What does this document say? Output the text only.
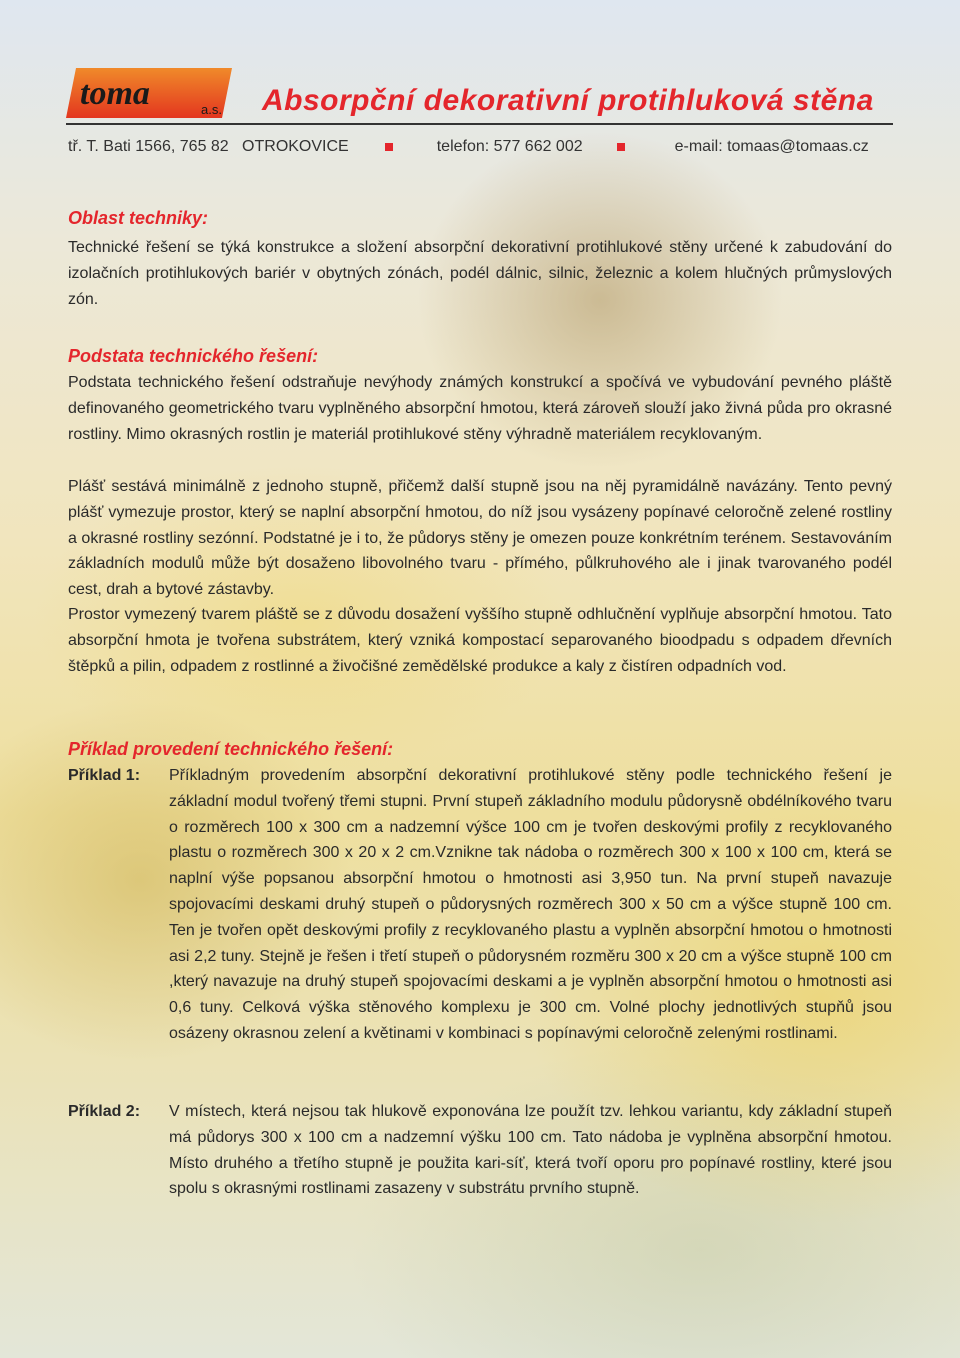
toma	a.s. Absorpční dekorativní protihluková stěna
tř. T. Bati 1566, 765 82   OTROKOVICE	telefon: 577 662 002	e-mail: tomaas@tomaas.cz
Oblast techniky:
Technické řešení se týká konstrukce a složení absorpční dekorativní protihlukové stěny určené k zabudování do izolačních protihlukových bariér v obytných zónách, podél dálnic, silnic, železnic a kolem hlučných průmyslových zón.
Podstata technického řešení:
Podstata technického řešení odstraňuje nevýhody známých konstrukcí a spočívá ve vybudování pevného pláště definovaného geometrického tvaru vyplněného absorpční hmotou, která zároveň slouží jako živná půda pro okrasné rostliny. Mimo okrasných rostlin je materiál protihlukové stěny výhradně materiálem recyklovaným.
Plášť sestává minimálně z jednoho stupně, přičemž další stupně jsou na něj pyramidálně navázány. Tento pevný plášť vymezuje prostor, který se naplní absorpční hmotou, do níž jsou vysázeny popínavé celoročně zelené rostliny a okrasné rostliny sezónní. Podstatné je i to, že půdorys stěny je omezen pouze konkrétním terénem. Sestavováním základních modulů může být dosaženo libovolného tvaru - přímého, půlkruhového ale i jinak tvarovaného podél cest, drah a bytové zástavby.
Prostor vymezený tvarem pláště se z důvodu dosažení vyššího stupně odhlučnění vyplňuje absorpční hmotou. Tato absorpční hmota je tvořena substrátem, který vzniká kompostací separovaného bioodpadu s odpadem dřevních štěpků a pilin, odpadem z rostlinné a živočišné zemědělské produkce a kaly z čistíren odpadních vod.
Příklad provedení technického řešení:
Příklad 1: Příkladným provedením absorpční dekorativní protihlukové stěny podle technického řešení je základní modul tvořený třemi stupni. První stupeň základního modulu půdorysně obdélníkového tvaru o rozměrech 100 x 300 cm a nadzemní výšce 100 cm je tvořen deskovými profily z recyklovaného plastu o rozměrech 300 x 20 x 2 cm.Vznikne tak nádoba o rozměrech 300 x 100 x 100 cm, která se naplní výše popsanou absorpční hmotou o hmotnosti asi 3,950 tun. Na první stupeň navazuje spojovacími deskami druhý stupeň o půdorysných rozměrech 300 x 50 cm a výšce stupně 100 cm. Ten je tvořen opět deskovými profily z recyklovaného plastu a vyplněn absorpční hmotou o hmotnosti asi 2,2 tuny. Stejně je řešen i třetí stupeň o půdorysném rozměru 300 x 20 cm a výšce stupně 100 cm ,který navazuje na druhý stupeň spojovacími deskami a je vyplněn absorpční hmotou o hmotnosti asi 0,6 tuny. Celková výška stěnového komplexu je 300 cm. Volné plochy jednotlivých stupňů jsou osázeny okrasnou zelení a květinami v kombinaci s popínavými celoročně zelenými rostlinami.
Příklad 2: V místech, která nejsou tak hlukově exponována lze použít tzv. lehkou variantu, kdy základní stupeň má půdorys 300 x 100 cm a nadzemní výšku 100 cm. Tato nádoba je vyplněna absorpční hmotou. Místo druhého a třetího stupně je použita kari-síť, která tvoří oporu pro popínavé rostliny, které jsou spolu s okrasnými rostlinami zasazeny v substrátu prvního stupně.
